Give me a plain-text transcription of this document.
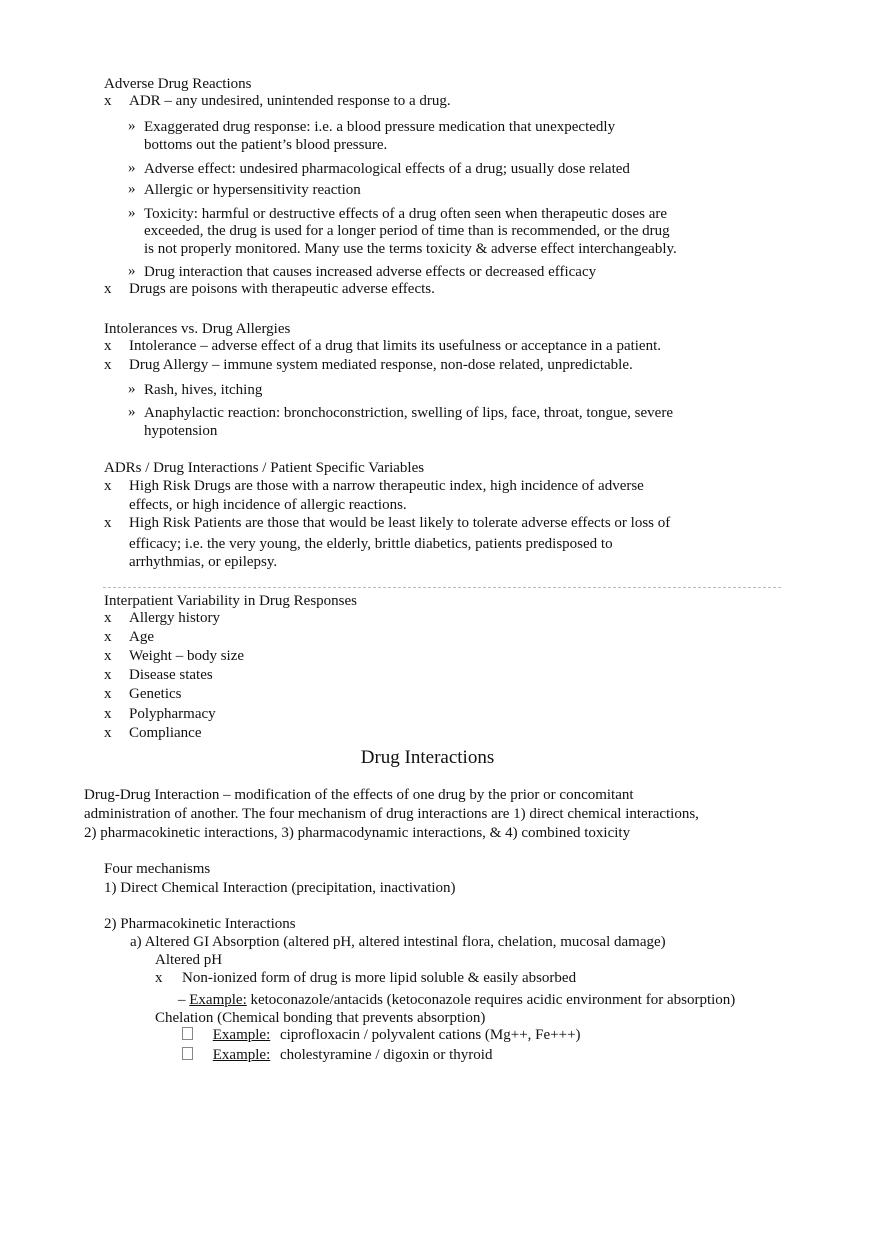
Adverse Drug Reactions
x ADR – any undesired, unintended response to a drug.
» Exaggerated drug response: i.e. a blood pressure medication that unexpectedly
bottoms out the patient’s blood pressure.
» Adverse effect: undesired pharmacological effects of a drug; usually dose related
» Allergic or hypersensitivity reaction
» Toxicity: harmful or destructive effects of a drug often seen when therapeutic doses are
exceeded, the drug is used for a longer period of time than is recommended, or the drug
is not properly monitored. Many use the terms toxicity & adverse effect interchangeably.
» Drug interaction that causes increased adverse effects or decreased efficacy
x Drugs are poisons with therapeutic adverse effects.
Intolerances vs. Drug Allergies
x Intolerance – adverse effect of a drug that limits its usefulness or acceptance in a patient.
x Drug Allergy – immune system mediated response, non-dose related, unpredictable.
» Rash, hives, itching
» Anaphylactic reaction: bronchoconstriction, swelling of lips, face, throat, tongue, severe
hypotension
ADRs / Drug Interactions / Patient Specific Variables
x High Risk Drugs are those with a narrow therapeutic index, high incidence of adverse
effects, or high incidence of allergic reactions.
x High Risk Patients are those that would be least likely to tolerate adverse effects or loss of
efficacy; i.e. the very young, the elderly, brittle diabetics, patients predisposed to
arrhythmias, or epilepsy.
Interpatient Variability in Drug Responses
x Allergy history
x Age
x Weight – body size
x Disease states
x Genetics
x Polypharmacy
x Compliance
Drug Interactions
Drug-Drug Interaction – modification of the effects of one drug by the prior or concomitant
administration of another. The four mechanism of drug interactions are 1) direct chemical interactions,
2) pharmacokinetic interactions, 3) pharmacodynamic interactions, & 4) combined toxicity
Four mechanisms
1) Direct Chemical Interaction (precipitation, inactivation)
2) Pharmacokinetic Interactions
a) Altered GI Absorption (altered pH, altered intestinal flora, chelation, mucosal damage)
Altered pH
x Non-ionized form of drug is more lipid soluble & easily absorbed
– Example: ketoconazole/antacids (ketoconazole requires acidic environment for absorption)
Chelation (Chemical bonding that prevents absorption)
Example: ciprofloxacin / polyvalent cations (Mg++, Fe+++)
Example: cholestyramine / digoxin or thyroid
